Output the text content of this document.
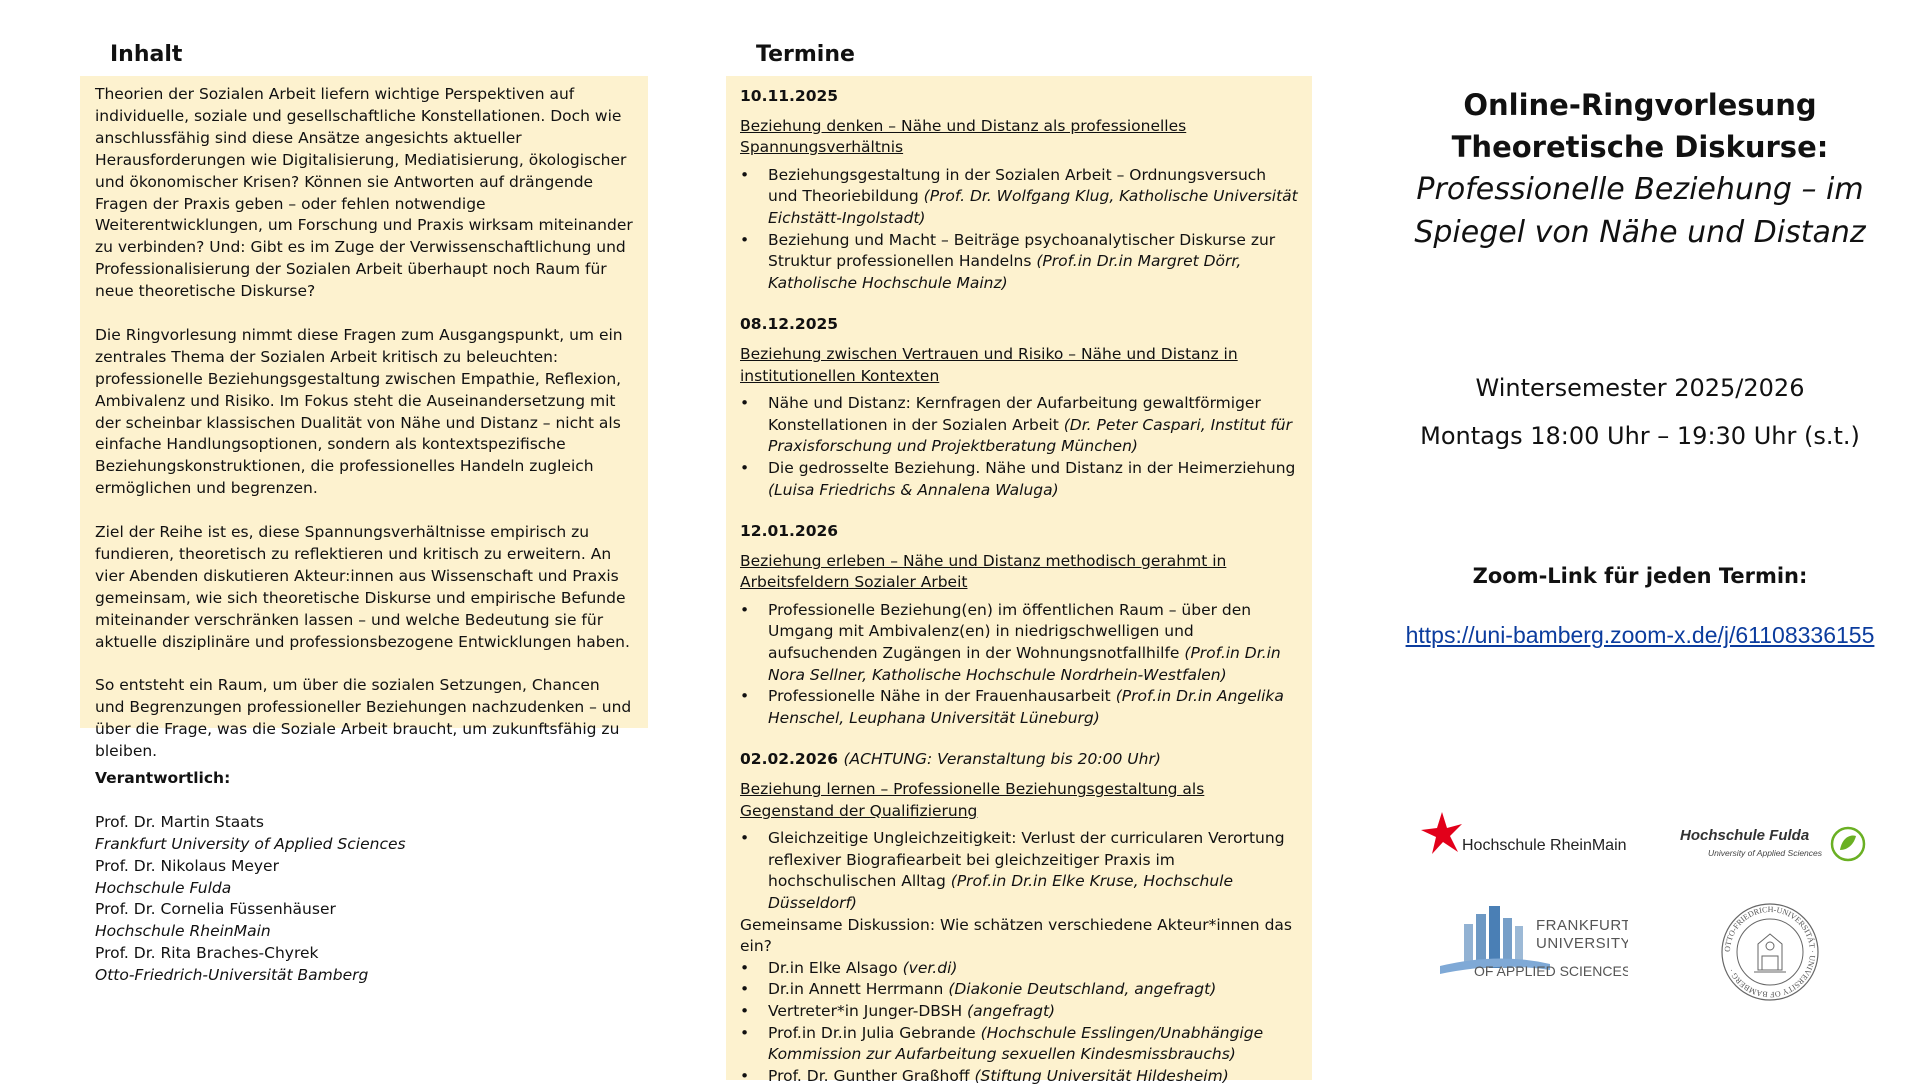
Inhalt

Theorien der Sozialen Arbeit liefern wichtige Perspektiven auf individuelle, soziale und gesellschaftliche Konstellationen. Doch wie anschlussfähig sind diese Ansätze angesichts aktueller Herausforderungen wie Digitalisierung, Mediatisierung, ökologischer und ökonomischer Krisen? Können sie Antworten auf drängende Fragen der Praxis geben – oder fehlen notwendige Weiterentwicklungen, um Forschung und Praxis wirksam miteinander zu verbinden? Und: Gibt es im Zuge der Verwissenschaftlichung und Professionalisierung der Sozialen Arbeit überhaupt noch Raum für neue theoretische Diskurse?

Die Ringvorlesung nimmt diese Fragen zum Ausgangspunkt, um ein zentrales Thema der Sozialen Arbeit kritisch zu beleuchten: professionelle Beziehungsgestaltung zwischen Empathie, Reflexion, Ambivalenz und Risiko. Im Fokus steht die Auseinandersetzung mit der scheinbar klassischen Dualität von Nähe und Distanz – nicht als einfache Handlungsoptionen, sondern als kontextspezifische Beziehungskonstruktionen, die professionelles Handeln zugleich ermöglichen und begrenzen.

Ziel der Reihe ist es, diese Spannungsverhältnisse empirisch zu fundieren, theoretisch zu reflektieren und kritisch zu erweitern. An vier Abenden diskutieren Akteur:innen aus Wissenschaft und Praxis gemeinsam, wie sich theoretische Diskurse und empirische Befunde miteinander verschränken lassen – und welche Bedeutung sie für aktuelle disziplinäre und professionsbezogene Entwicklungen haben.

So entsteht ein Raum, um über die sozialen Setzungen, Chancen und Begrenzungen professioneller Beziehungen nachzudenken – und über die Frage, was die Soziale Arbeit braucht, um zukunftsfähig zu bleiben.

Verantwortlich:
Prof. Dr. Martin Staats
Frankfurt University of Applied Sciences
Prof. Dr. Nikolaus Meyer
Hochschule Fulda
Prof. Dr. Cornelia Füssenhäuser
Hochschule RheinMain
Prof. Dr. Rita Braches-Chyrek
Otto-Friedrich-Universität Bamberg
Termine
10.11.2025
Beziehung denken – Nähe und Distanz als professionelles Spannungsverhältnis
• Beziehungsgestaltung in der Sozialen Arbeit – Ordnungsversuch und Theoriebildung (Prof. Dr. Wolfgang Klug, Katholische Universität Eichstätt-Ingolstadt)
• Beziehung und Macht – Beiträge psychoanalytischer Diskurse zur Struktur professionellen Handelns (Prof.in Dr.in Margret Dörr, Katholische Hochschule Mainz)
08.12.2025
Beziehung zwischen Vertrauen und Risiko – Nähe und Distanz in institutionellen Kontexten
• Nähe und Distanz: Kernfragen der Aufarbeitung gewaltförmiger Konstellationen in der Sozialen Arbeit (Dr. Peter Caspari, Institut für Praxisforschung und Projektberatung München)
• Die gedrosselte Beziehung. Nähe und Distanz in der Heimerziehung (Luisa Friedrichs & Annalena Waluga)
12.01.2026
Beziehung erleben – Nähe und Distanz methodisch gerahmt in Arbeitsfeldern Sozialer Arbeit
• Professionelle Beziehung(en) im öffentlichen Raum – über den Umgang mit Ambivalenz(en) in niedrigschwelligen und aufsuchenden Zugängen in der Wohnungsnotfallhilfe (Prof.in Dr.in Nora Sellner, Katholische Hochschule Nordrhein-Westfalen)
• Professionelle Nähe in der Frauenhausarbeit (Prof.in Dr.in Angelika Henschel, Leuphana Universität Lüneburg)
02.02.2026 (ACHTUNG: Veranstaltung bis 20:00 Uhr)
Beziehung lernen – Professionelle Beziehungsgestaltung als Gegenstand der Qualifizierung
• Gleichzeitige Ungleichzeitigkeit: Verlust der curricularen Verortung reflexiver Biografiearbeit bei gleichzeitiger Praxis im hochschulischen Alltag (Prof.in Dr.in Elke Kruse, Hochschule Düsseldorf)
Gemeinsame Diskussion: Wie schätzen verschiedene Akteur*innen das ein?
• Dr.in Elke Alsago (ver.di)
• Dr.in Annett Herrmann (Diakonie Deutschland, angefragt)
• Vertreter*in Junger-DBSH (angefragt)
• Prof.in Dr.in Julia Gebrande (Hochschule Esslingen/Unabhängige Kommission zur Aufarbeitung sexuellen Kindesmissbrauchs)
• Prof. Dr. Gunther Graßhoff (Stiftung Universität Hildesheim)
Online-Ringvorlesung
Theoretische Diskurse:
Professionelle Beziehung – im Spiegel von Nähe und Distanz
Wintersemester 2025/2026
Montags 18:00 Uhr – 19:30 Uhr (s.t.)
Zoom-Link für jeden Termin:
https://uni-bamberg.zoom-x.de/j/61108336155
Hochschule RheinMain
Hochschule Fulda
University of Applied Sciences
FRANKFURT
UNIVERSITY
OF APPLIED SCIENCES
OTTO-FRIEDRICH-UNIVERSITÄT · UNIVERSITY OF BAMBERG ·
